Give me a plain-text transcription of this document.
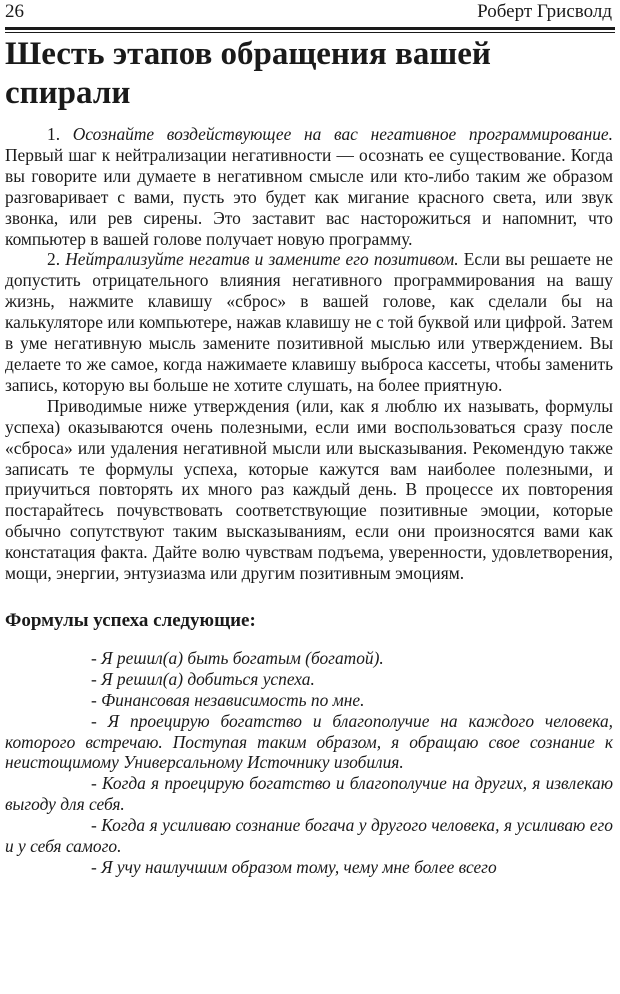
26	Роберт Грисволд
Шесть этапов обращения вашей спирали

1. Осознайте воздействующее на вас негативное программирование. Первый шаг к нейтрализации негативности — осознать ее существование. Когда вы говорите или думаете в негативном смысле или кто-либо таким же образом разговаривает с вами, пусть это будет как мигание красного света, или звук звонка, или рев сирены. Это заставит вас насторожиться и напомнит, что компьютер в вашей голове получает новую программу.

2. Нейтрализуйте негатив и замените его позитивом. Если вы решаете не допустить отрицательного влияния негативного программирования на вашу жизнь, нажмите клавишу «сброс» в вашей голове, как сделали бы на калькуляторе или компьютере, нажав клавишу не с той буквой или цифрой. Затем в уме негативную мысль замените позитивной мыслью или утверждением. Вы делаете то же самое, когда нажимаете клавишу выброса кассеты, чтобы заменить запись, которую вы больше не хотите слушать, на более приятную.

Приводимые ниже утверждения (или, как я люблю их называть, формулы успеха) оказываются очень полезными, если ими воспользоваться сразу после «сброса» или удаления негативной мысли или высказывания. Рекомендую также записать те формулы успеха, которые кажутся вам наиболее полезными, и приучиться повторять их много раз каждый день. В процессе их повторения постарайтесь почувствовать соответствующие позитивные эмоции, которые обычно сопутствуют таким высказываниям, если они произносятся вами как констатация факта. Дайте волю чувствам подъема, уверенности, удовлетворения, мощи, энергии, энтузиазма или другим позитивным эмоциям.

Формулы успеха следующие:
- Я решил(а) быть богатым (богатой).
- Я решил(а) добиться успеха.
- Финансовая независимость по мне.
- Я проецирую богатство и благополучие на каждого человека, которого встречаю. Поступая таким образом, я обращаю свое сознание к неистощимому Универсальному Источнику изобилия.
- Когда я проецирую богатство и благополучие на других, я извлекаю выгоду для себя.
- Когда я усиливаю сознание богача у другого человека, я усиливаю его и у себя самого.
- Я учу наилучшим образом тому, чему мне более всего
